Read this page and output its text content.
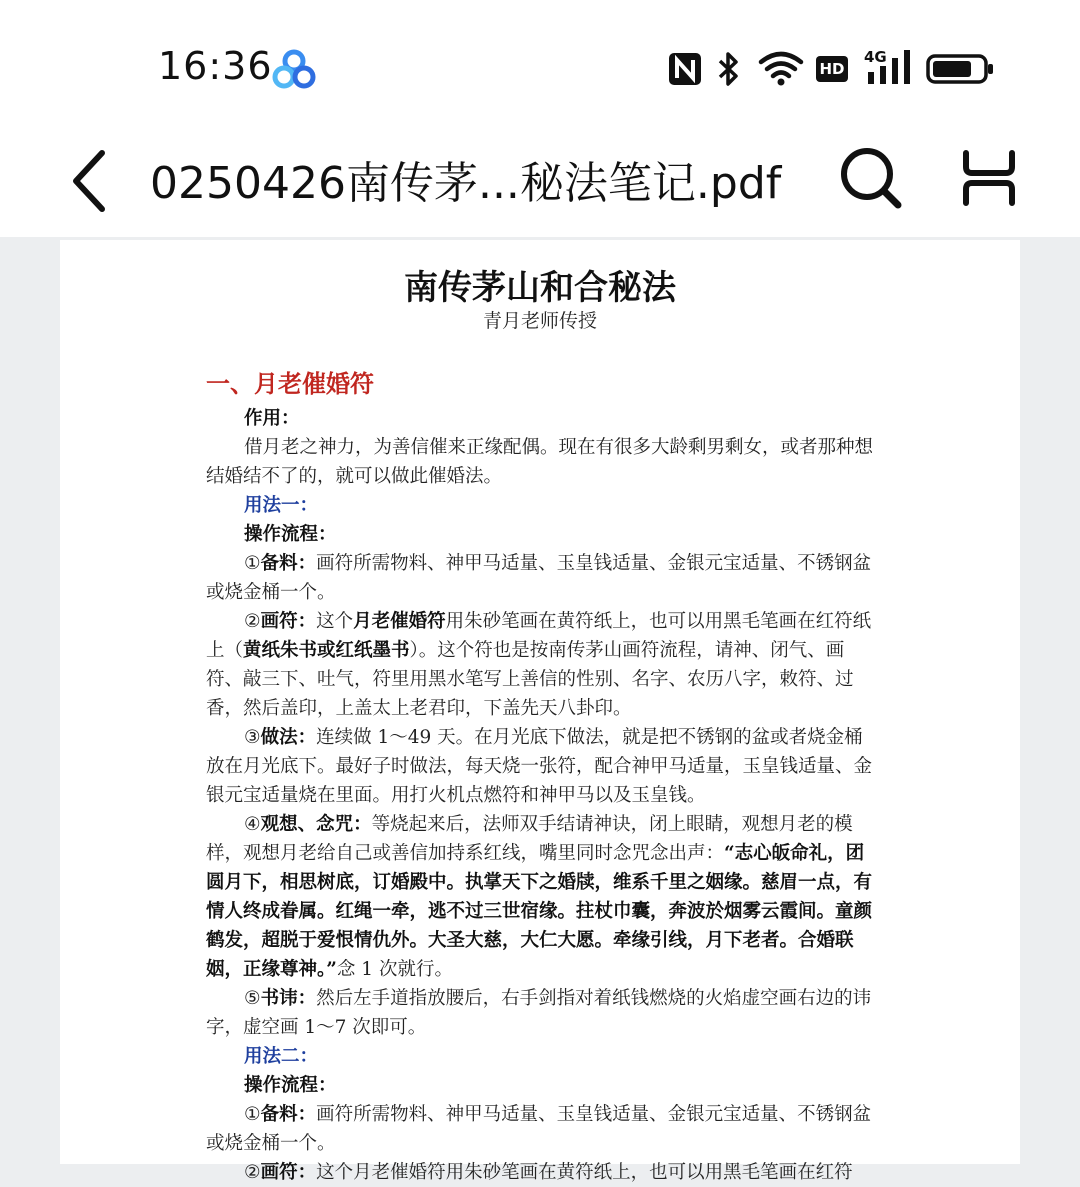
16:36	HD
4G
0250426南传茅...秘法笔记.pdf
南传茅山和合秘法
青月老师传授
一、月老催婚符

作用：

借月老之神力，为善信催来正缘配偶。现在有很多大龄剩男剩女，或者那种想结婚结不了的，就可以做此催婚法。

用法一：

操作流程：

①备料：画符所需物料、神甲马适量、玉皇钱适量、金银元宝适量、不锈钢盆或烧金桶一个。

②画符：这个月老催婚符用朱砂笔画在黄符纸上，也可以用黑毛笔画在红符纸上（黄纸朱书或红纸墨书）。这个符也是按南传茅山画符流程，请神、闭气、画符、敲三下、吐气，符里用黑水笔写上善信的性别、名字、农历八字，敕符、过香，然后盖印，上盖太上老君印，下盖先天八卦印。

③做法：连续做 1～49 天。在月光底下做法，就是把不锈钢的盆或者烧金桶放在月光底下。最好子时做法，每天烧一张符，配合神甲马适量，玉皇钱适量、金银元宝适量烧在里面。用打火机点燃符和神甲马以及玉皇钱。

④观想、念咒：等烧起来后，法师双手结请神诀，闭上眼睛，观想月老的模样，观想月老给自己或善信加持系红线，嘴里同时念咒念出声：“志心皈命礼，团圆月下，相思树底，订婚殿中。执掌天下之婚牍，维系千里之姻缘。慈眉一点，有情人终成眷属。红绳一牵，逃不过三世宿缘。拄杖巾囊，奔波於烟雾云霞间。童颜鹤发，超脱于爱恨情仇外。大圣大慈，大仁大愿。牵缘引线，月下老者。合婚联姻，正缘尊神。”念 1 次就行。

⑤书讳：然后左手道指放腰后，右手剑指对着纸钱燃烧的火焰虚空画右边的讳字，虚空画 1～7 次即可。

用法二：

操作流程：

①备料：画符所需物料、神甲马适量、玉皇钱适量、金银元宝适量、不锈钢盆或烧金桶一个。

②画符：这个月老催婚符用朱砂笔画在黄符纸上，也可以用黑毛笔画在红符
